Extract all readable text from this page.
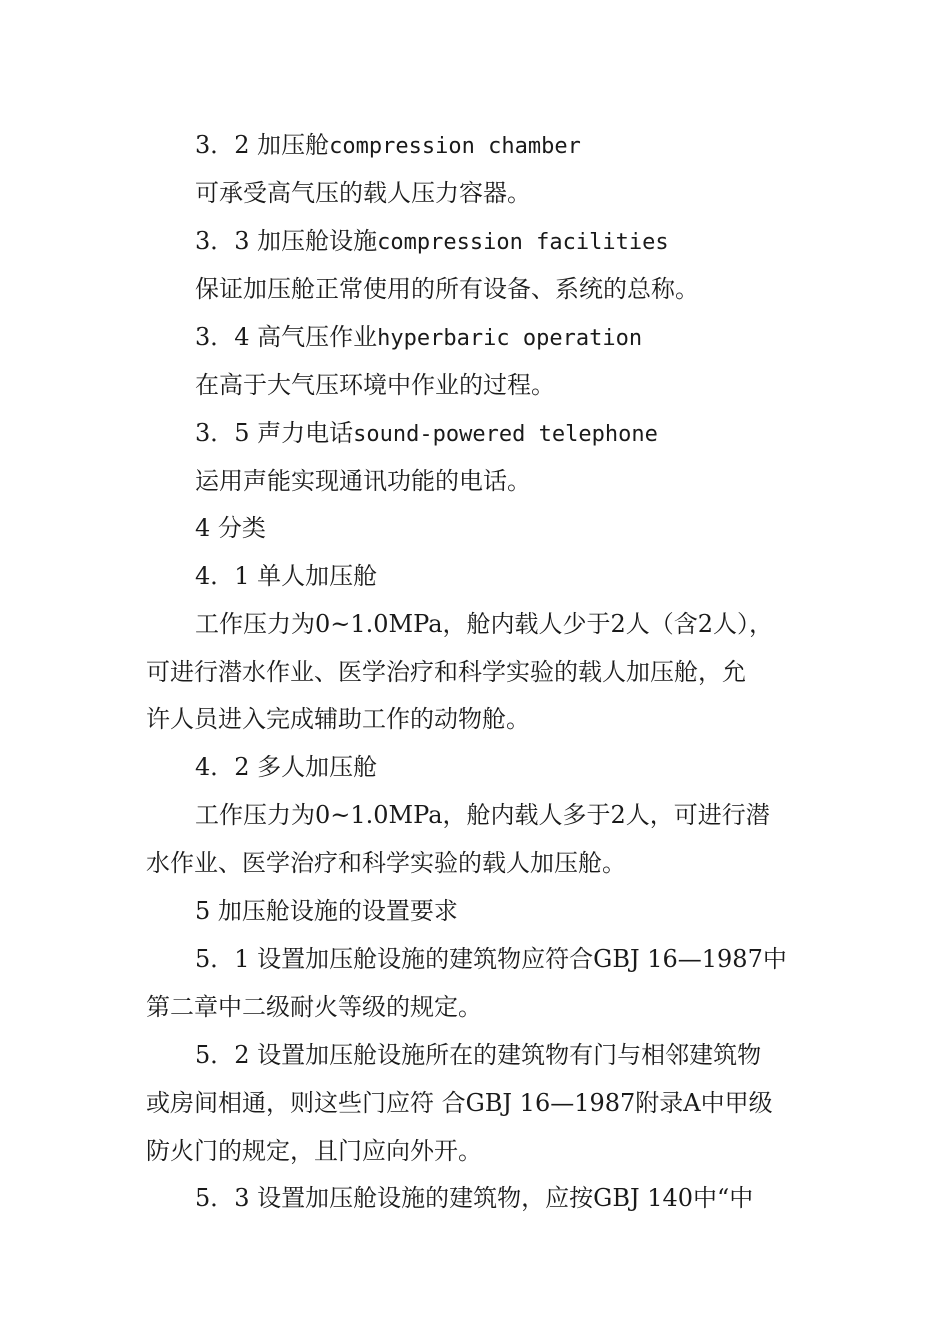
3．2 加压舱compression chamber
可承受高气压的载人压力容器。
3．3 加压舱设施compression facilities
保证加压舱正常使用的所有设备、系统的总称。
3．4 高气压作业hyperbaric operation
在高于大气压环境中作业的过程。
3．5 声力电话sound-powered telephone
运用声能实现通讯功能的电话。
4 分类
4．1 单人加压舱
工作压力为0~1.0MPa，舱内载人少于2人（含2人），
可进行潜水作业、医学治疗和科学实验的载人加压舱，允
许人员进入完成辅助工作的动物舱。
4．2 多人加压舱
工作压力为0~1.0MPa，舱内载人多于2人，可进行潜
水作业、医学治疗和科学实验的载人加压舱。
5 加压舱设施的设置要求
5．1 设置加压舱设施的建筑物应符合GBJ 16—1987中
第二章中二级耐火等级的规定。
5．2 设置加压舱设施所在的建筑物有门与相邻建筑物
或房间相通，则这些门应符 合GBJ 16—1987附录A中甲级
防火门的规定，且门应向外开。
5．3 设置加压舱设施的建筑物，应按GBJ 140中“中
